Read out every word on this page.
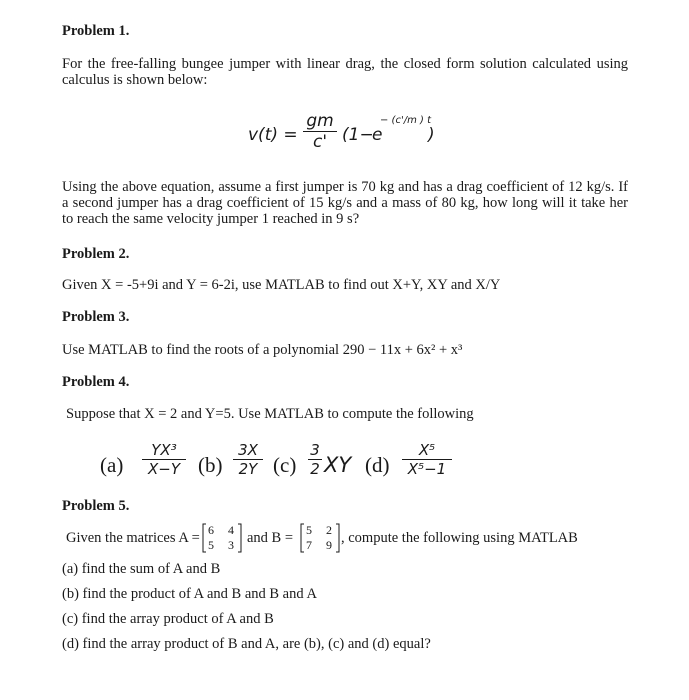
Problem 1.
For the free-falling bungee jumper with linear drag, the closed form solution calculated using calculus is shown below:
$v(t) = \frac{gm}{c'} (1-$
e
− (c'/m ) t
)
Using the above equation, assume a first jumper is 70 kg and has a drag coefficient of 12 kg/s. If a second jumper has a drag coefficient of 15 kg/s and a mass of 80 kg, how long will it take her to reach the same velocity jumper 1 reached in 9 s?
Problem 2.
Given X = -5+9i and Y = 6-2i, use MATLAB to find out X+Y, XY and X/Y
Problem 3.
Use MATLAB to find the roots of a polynomial 290 − 11x + 6x² + x³
Problem 4.
Suppose that X = 2 and Y=5. Use MATLAB to compute the following
$(a) \frac{\text{YX³}}{X-Y} (b) \frac{3X}{2Y} (c) \frac{3}{2}$ XY $(d) \frac{\text{X⁵}}{\text{X⁵−1}}$
Problem 5.
Given the matrices A = 6 4
5 3 and B = 5 2
7 9 , compute the following using MATLAB
(a) find the sum of A and B
(b) find the product of A and B and B and A
(c) find the array product of A and B
(d) find the array product of B and A, are (b), (c) and (d) equal?
